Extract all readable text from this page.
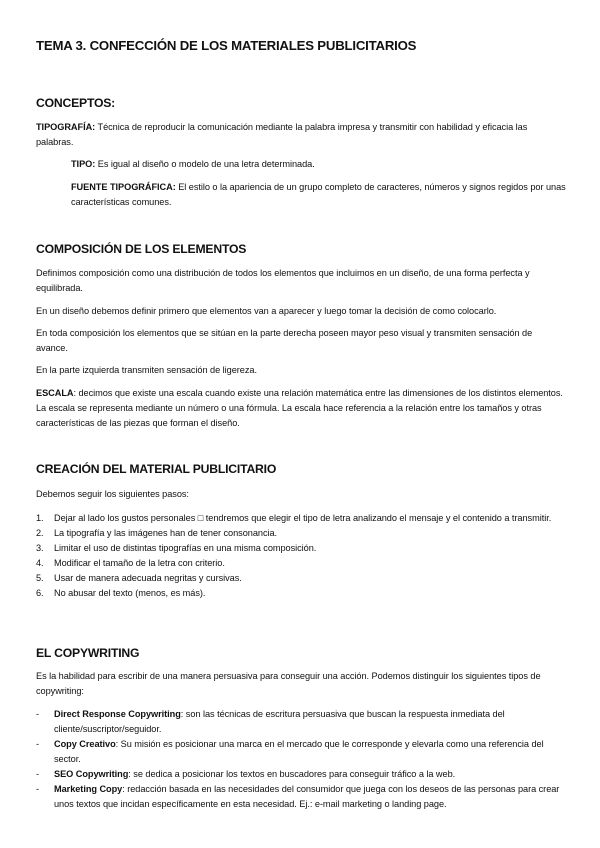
TEMA 3. CONFECCIÓN DE LOS MATERIALES PUBLICITARIOS
CONCEPTOS:
TIPOGRAFÍA: Técnica de reproducir la comunicación mediante la palabra impresa y transmitir con habilidad y eficacia las palabras.
TIPO: Es igual al diseño o modelo de una letra determinada.
FUENTE TIPOGRÁFICA: El estilo o la apariencia de un grupo completo de caracteres, números y signos regidos por unas características comunes.
COMPOSICIÓN DE LOS ELEMENTOS
Definimos composición como una distribución de todos los elementos que incluimos en un diseño, de una forma perfecta y equilibrada.
En un diseño debemos definir primero que elementos van a aparecer y luego tomar la decisión de como colocarlo.
En toda composición los elementos que se sitúan en la parte derecha poseen mayor peso visual y transmiten sensación de avance.
En la parte izquierda transmiten sensación de ligereza.
ESCALA: decimos que existe una escala cuando existe una relación matemática entre las dimensiones de los distintos elementos. La escala se representa mediante un número o una fórmula. La escala hace referencia a la relación entre los tamaños y otras características de las piezas que forman el diseño.
CREACIÓN DEL MATERIAL PUBLICITARIO
Debemos seguir los siguientes pasos:
1. Dejar al lado los gustos personales □ tendremos que elegir el tipo de letra analizando el mensaje y el contenido a transmitir.
2. La tipografía y las imágenes han de tener consonancia.
3. Limitar el uso de distintas tipografías en una misma composición.
4. Modificar el tamaño de la letra con criterio.
5. Usar de manera adecuada negritas y cursivas.
6. No abusar del texto (menos, es más).
EL COPYWRITING
Es la habilidad para escribir de una manera persuasiva para conseguir una acción. Podemos distinguir los siguientes tipos de copywriting:
- Direct Response Copywriting: son las técnicas de escritura persuasiva que buscan la respuesta inmediata del cliente/suscriptor/seguidor.
- Copy Creativo: Su misión es posicionar una marca en el mercado que le corresponde y elevarla como una referencia del sector.
- SEO Copywriting: se dedica a posicionar los textos en buscadores para conseguir tráfico a la web.
- Marketing Copy: redacción basada en las necesidades del consumidor que juega con los deseos de las personas para crear unos textos que incidan específicamente en esta necesidad. Ej.: e-mail marketing o landing page.
